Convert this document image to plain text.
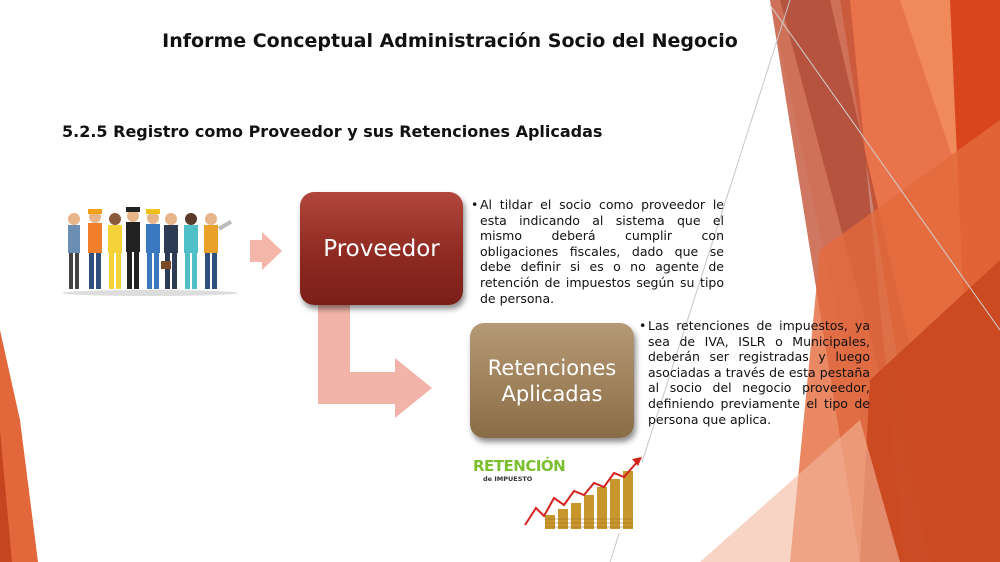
Informe Conceptual Administración Socio del Negocio
5.2.5 Registro como Proveedor y sus Retenciones Aplicadas
Proveedor
Retenciones
Aplicadas
• Al tildar el socio como proveedor le esta indicando al sistema que el mismo deberá cumplir con obligaciones fiscales, dado que se debe definir si es o no agente de retención de impuestos según su tipo de persona.
• Las retenciones de impuestos, ya sea de IVA, ISLR o Municipales, deberán ser registradas y luego asociadas a través de esta pestaña al socio del negocio proveedor, definiendo previamente el tipo de persona que aplica.
RETENCIÓN
de IMPUESTO
